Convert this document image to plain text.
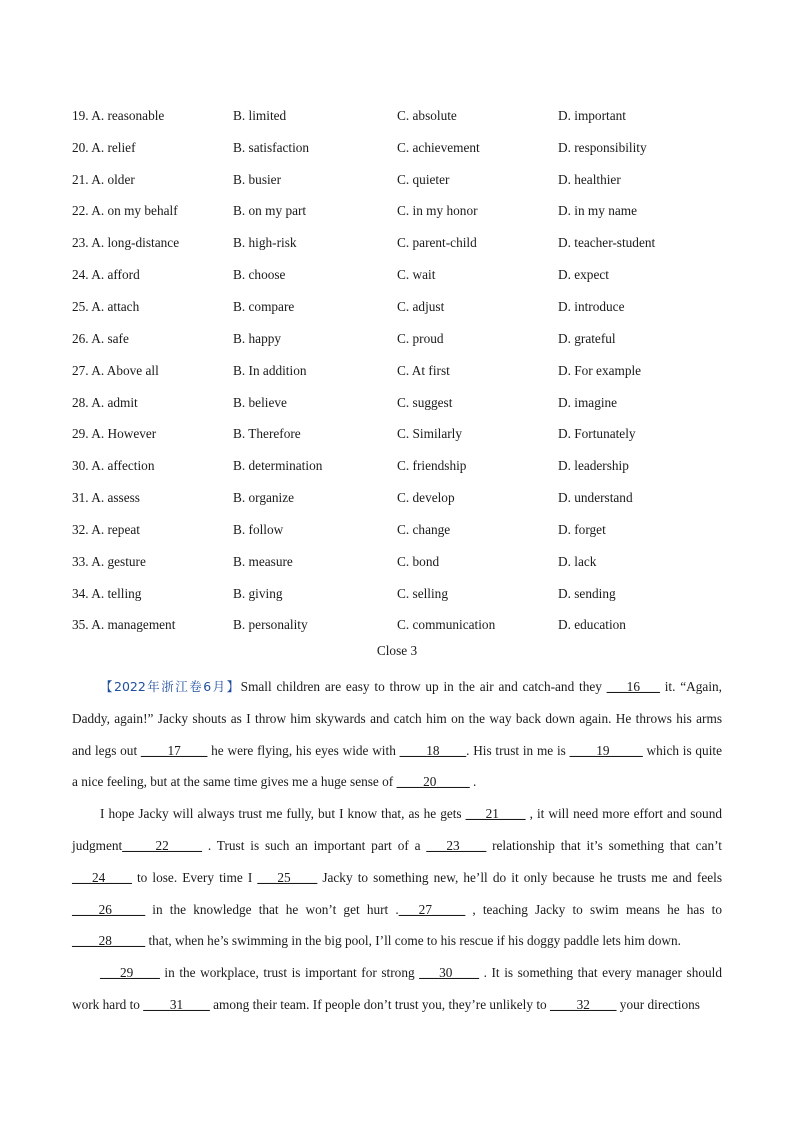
19. A. reasonable	B. limited	C. absolute	D. important
20. A. relief	B. satisfaction	C. achievement	D. responsibility
21. A. older	B. busier	C. quieter	D. healthier
22. A. on my behalf	B. on my part	C. in my honor	D. in my name
23. A. long-distance	B. high-risk	C. parent-child	D. teacher-student
24. A. afford	B. choose	C. wait	D. expect
25. A. attach	B. compare	C. adjust	D. introduce
26. A. safe	B. happy	C. proud	D. grateful
27. A. Above all	B. In addition	C. At first	D. For example
28. A. admit	B. believe	C. suggest	D. imagine
29. A. However	B. Therefore	C. Similarly	D. Fortunately
30. A. affection	B. determination	C. friendship	D. leadership
31. A. assess	B. organize	C. develop	D. understand
32. A. repeat	B. follow	C. change	D. forget
33. A. gesture	B. measure	C. bond	D. lack
34. A. telling	B. giving	C. selling	D. sending
35. A. management	B. personality	C. communication	D. education
Close 3

【2022年浙江卷6月】Small children are easy to throw up in the air and catch-and they ___16___ it. “Again, Daddy, again!” Jacky shouts as I throw him skywards and catch him on the way back down again. He throws his arms and legs out ____17____ he were flying, his eyes wide with ____18____. His trust in me is ____19_____ which is quite a nice feeling, but at the same time gives me a huge sense of ____20_____ .

I hope Jacky will always trust me fully, but I know that, as he gets ___21____ , it will need more effort and sound judgment_____22_____ . Trust is such an important part of a ___23____ relationship that it’s something that can’t ___24____ to lose. Every time I ___25____ Jacky to something new, he’ll do it only because he trusts me and feels ____26_____ in the knowledge that he won’t get hurt .___27_____ , teaching Jacky to swim means he has to ____28_____ that, when he’s swimming in the big pool, I’ll come to his rescue if his doggy paddle lets him down.

___29____ in the workplace, trust is important for strong ___30____ . It is something that every manager should work hard to ____31____ among their team. If people don’t trust you, they’re unlikely to ____32____ your directions
